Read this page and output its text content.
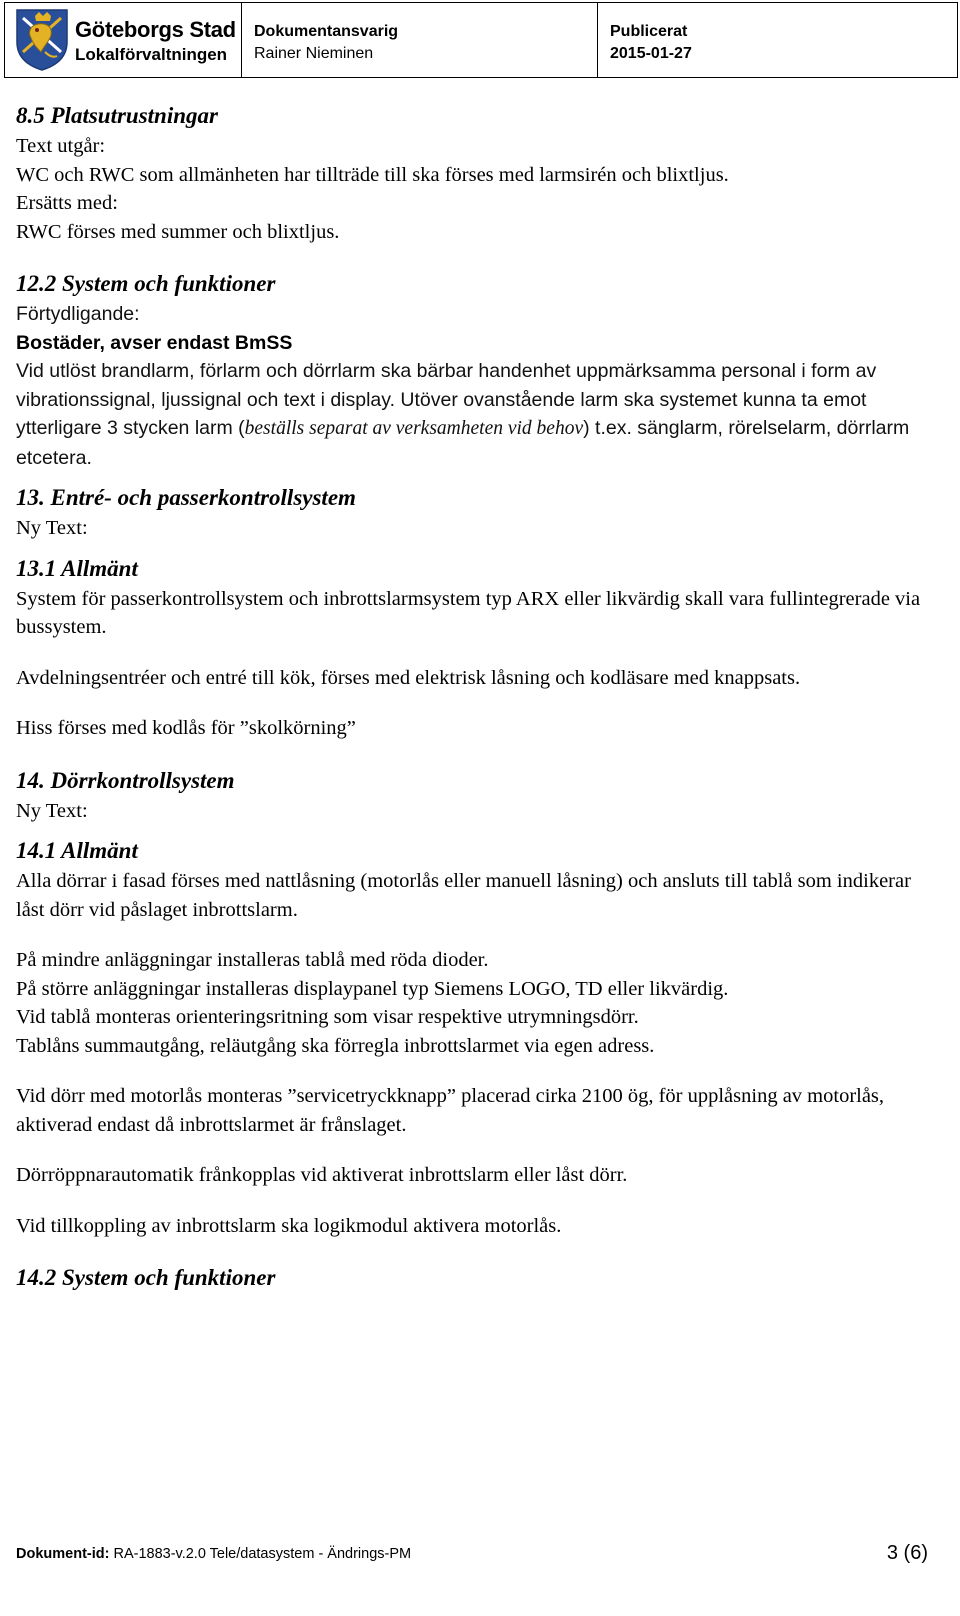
Göteborgs Stad
Lokalförvaltningen
Dokumentansvarig
Rainer Nieminen
Publicerat
2015-01-27

8.5 Platsutrustningar

Text utgår:

WC och RWC som allmänheten har tillträde till ska förses med larmsirén och blixtljus.

Ersätts med:

RWC förses med summer och blixtljus.

12.2 System och funktioner

Förtydligande:

Bostäder, avser endast BmSS

Vid utlöst brandlarm, förlarm och dörrlarm ska bärbar handenhet uppmärksamma personal i form av vibrationssignal, ljussignal och text i display. Utöver ovanstående larm ska systemet kunna ta emot ytterligare 3 stycken larm (beställs separat av verksamheten vid behov) t.ex. sänglarm, rörelselarm, dörrlarm etcetera.

13. Entré- och passerkontrollsystem

Ny Text:

13.1 Allmänt

System för passerkontrollsystem och inbrottslarmsystem typ ARX eller likvärdig skall vara fullintegrerade via bussystem.

Avdelningsentréer och entré till kök, förses med elektrisk låsning och kodläsare med knappsats.

Hiss förses med kodlås för ”skolkörning”

14. Dörrkontrollsystem

Ny Text:

14.1 Allmänt

Alla dörrar i fasad förses med nattlåsning (motorlås eller manuell låsning) och ansluts till tablå som indikerar låst dörr vid påslaget inbrottslarm.

På mindre anläggningar installeras tablå med röda dioder.

På större anläggningar installeras displaypanel typ Siemens LOGO, TD eller likvärdig.

Vid tablå monteras orienteringsritning som visar respektive utrymningsdörr.

Tablåns summautgång, reläutgång ska förregla inbrottslarmet via egen adress.

Vid dörr med motorlås monteras ”servicetryckknapp” placerad cirka 2100 ög, för upplåsning av motorlås, aktiverad endast då inbrottslarmet är frånslaget.

Dörröppnarautomatik frånkopplas vid aktiverat inbrottslarm eller låst dörr.

Vid tillkoppling av inbrottslarm ska logikmodul aktivera motorlås.

14.2 System och funktioner

Dokument-id: RA-1883-v.2.0 Tele/datasystem - Ändrings-PM	3 (6)
